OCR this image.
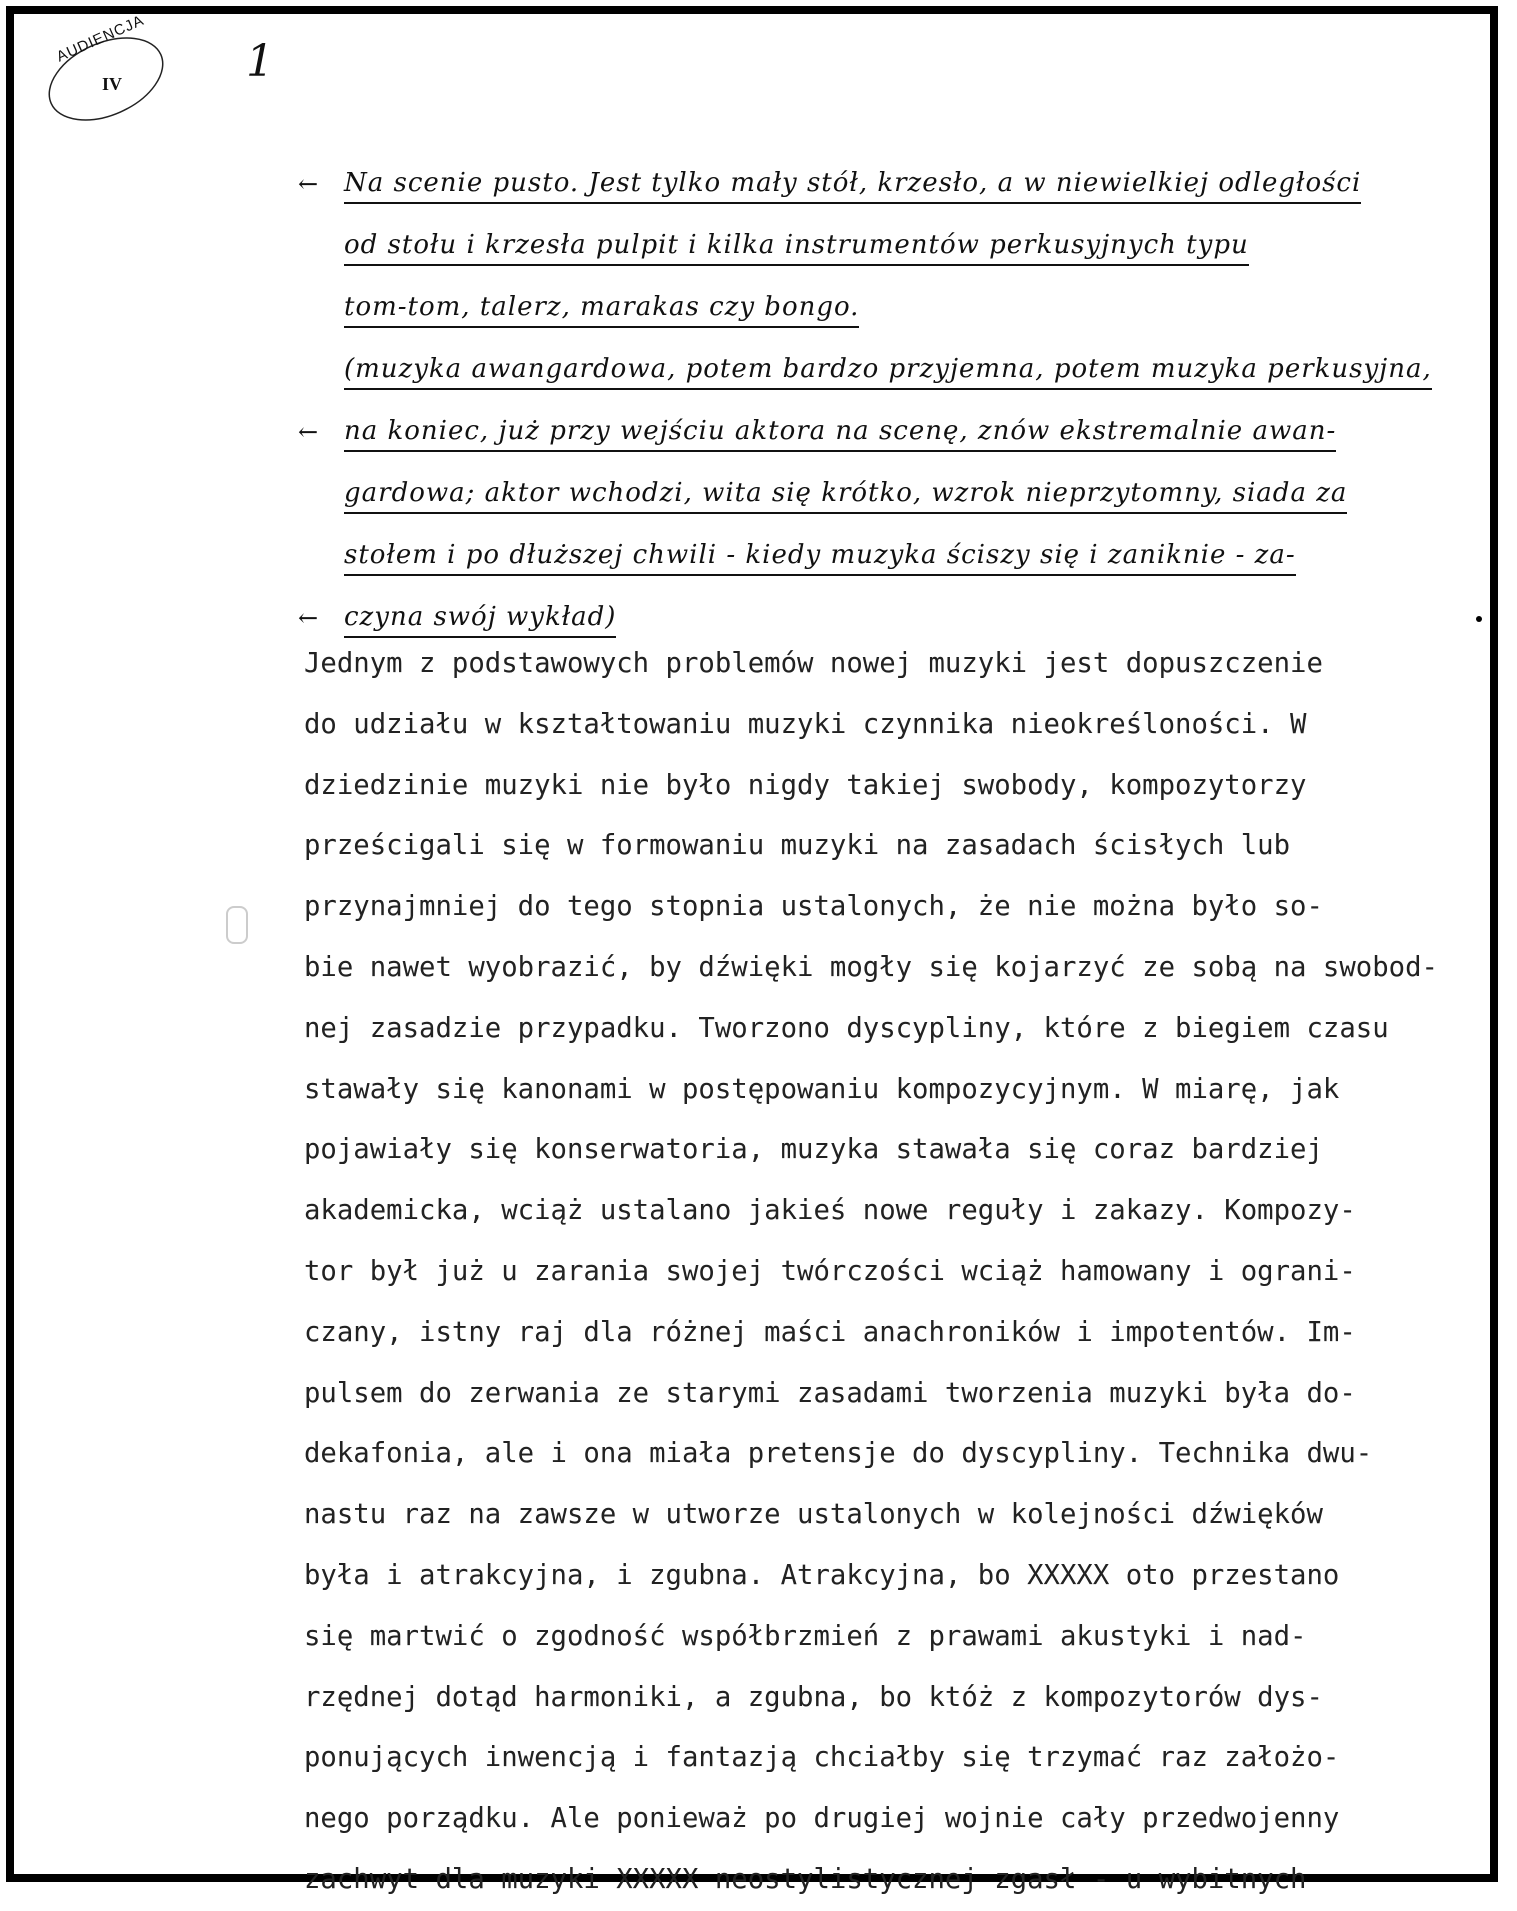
AUDIENCJA
IV	1
← Na scenie pusto. Jest tylko mały stół, krzesło, a w niewielkiej odległości
od stołu i krzesła pulpit i kilka instrumentów perkusyjnych typu
tom-tom, talerz, marakas czy bongo.
(muzyka awangardowa, potem bardzo przyjemna, potem muzyka perkusyjna,
← na koniec, już przy wejściu aktora na scenę, znów ekstremalnie awan-
gardowa; aktor wchodzi, wita się krótko, wzrok nieprzytomny, siada za
stołem i po dłuższej chwili - kiedy muzyka ściszy się i zaniknie - za-
← czyna swój wykład)
Jednym z podstawowych problemów nowej muzyki jest dopuszczenie
do udziału w kształtowaniu muzyki czynnika nieokreśloności. W
dziedzinie muzyki nie było nigdy takiej swobody, kompozytorzy
prześcigali się w formowaniu muzyki na zasadach ścisłych lub
przynajmniej do tego stopnia ustalonych, że nie można było so-
bie nawet wyobrazić, by dźwięki mogły się kojarzyć ze sobą na swobod-
nej zasadzie przypadku. Tworzono dyscypliny, które z biegiem czasu
stawały się kanonami w postępowaniu kompozycyjnym. W miarę, jak
pojawiały się konserwatoria, muzyka stawała się coraz bardziej
akademicka, wciąż ustalano jakieś nowe reguły i zakazy. Kompozy-
tor był już u zarania swojej twórczości wciąż hamowany i ograni-
czany, istny raj dla różnej maści anachroników i impotentów. Im-
pulsem do zerwania ze starymi zasadami tworzenia muzyki była do-
dekafonia, ale i ona miała pretensje do dyscypliny. Technika dwu-
nastu raz na zawsze w utworze ustalonych w kolejności dźwięków
była i atrakcyjna, i zgubna. Atrakcyjna, bo XXXXX oto przestano
się martwić o zgodność współbrzmień z prawami akustyki i nad-
rzędnej dotąd harmoniki, a zgubna, bo któż z kompozytorów dys-
ponujących inwencją i fantazją chciałby się trzymać raz założo-
nego porządku. Ale ponieważ po drugiej wojnie cały przedwojenny
zachwyt dla muzyki XXXXX neostylistycznej zgasł - u wybitnych
